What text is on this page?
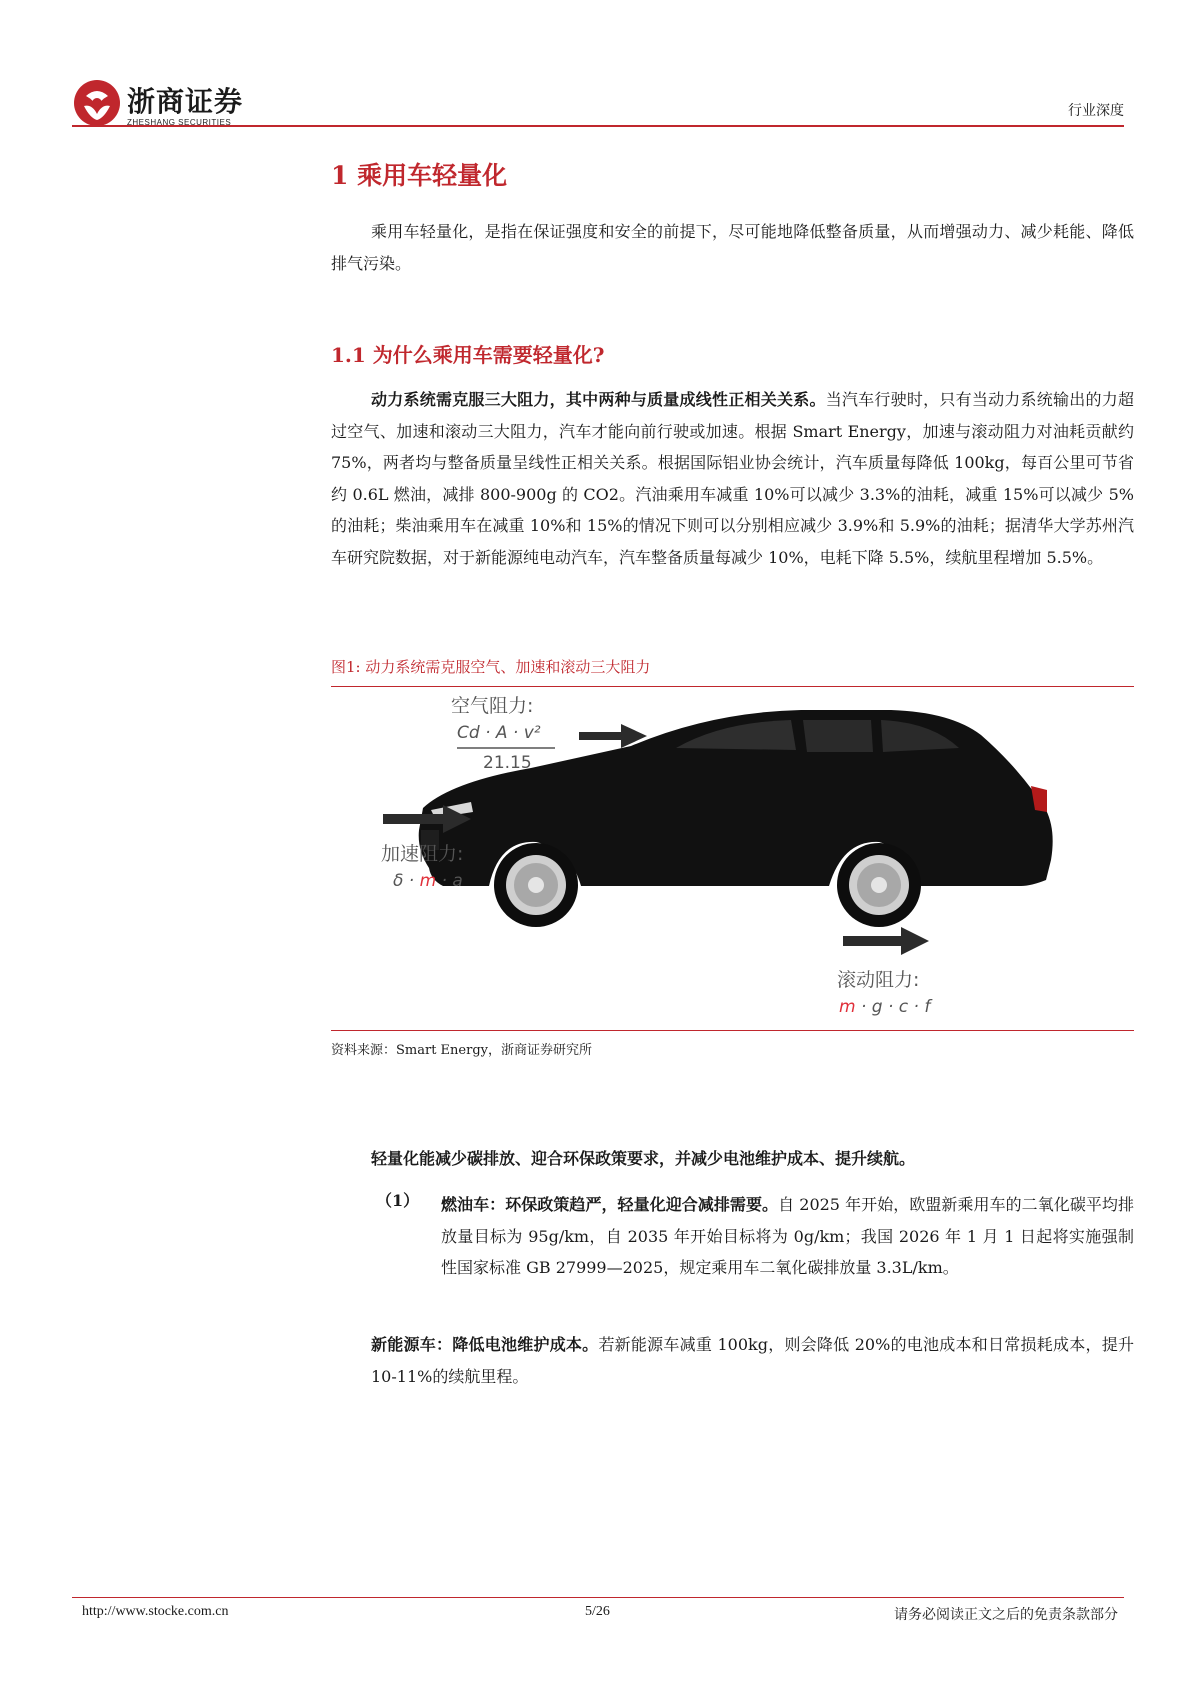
浙商证券
ZHESHANG SECURITIES
行业深度
1 乘用车轻量化
乘用车轻量化，是指在保证强度和安全的前提下，尽可能地降低整备质量，从而增强动力、减少耗能、降低排气污染。
1.1 为什么乘用车需要轻量化?
动力系统需克服三大阻力，其中两种与质量成线性正相关关系。当汽车行驶时，只有当动力系统输出的力超过空气、加速和滚动三大阻力，汽车才能向前行驶或加速。根据 Smart Energy，加速与滚动阻力对油耗贡献约 75%，两者均与整备质量呈线性正相关关系。根据国际铝业协会统计，汽车质量每降低 100kg，每百公里可节省约 0.6L 燃油，减排 800-900g 的 CO2。汽油乘用车减重 10%可以减少 3.3%的油耗，减重 15%可以减少 5%的油耗；柴油乘用车在减重 10%和 15%的情况下则可以分别相应减少 3.9%和 5.9%的油耗；据清华大学苏州汽车研究院数据，对于新能源纯电动汽车，汽车整备质量每减少 10%，电耗下降 5.5%，续航里程增加 5.5%。
图1: 动力系统需克服空气、加速和滚动三大阻力
空气阻力:
Cd · A · v²
21.15
加速阻力:
δ · m · a
滚动阻力:
m · g · c · f
资料来源：Smart Energy，浙商证券研究所
轻量化能减少碳排放、迎合环保政策要求，并减少电池维护成本、提升续航。
（1） 燃油车：环保政策趋严，轻量化迎合减排需要。自 2025 年开始，欧盟新乘用车的二氧化碳平均排放量目标为 95g/km，自 2035 年开始目标将为 0g/km；我国 2026 年 1 月 1 日起将实施强制性国家标准 GB 27999—2025，规定乘用车二氧化碳排放量 3.3L/km。
新能源车：降低电池维护成本。若新能源车减重 100kg，则会降低 20%的电池成本和日常损耗成本，提升 10-11%的续航里程。
http://www.stocke.com.cn	5/26	请务必阅读正文之后的免责条款部分
